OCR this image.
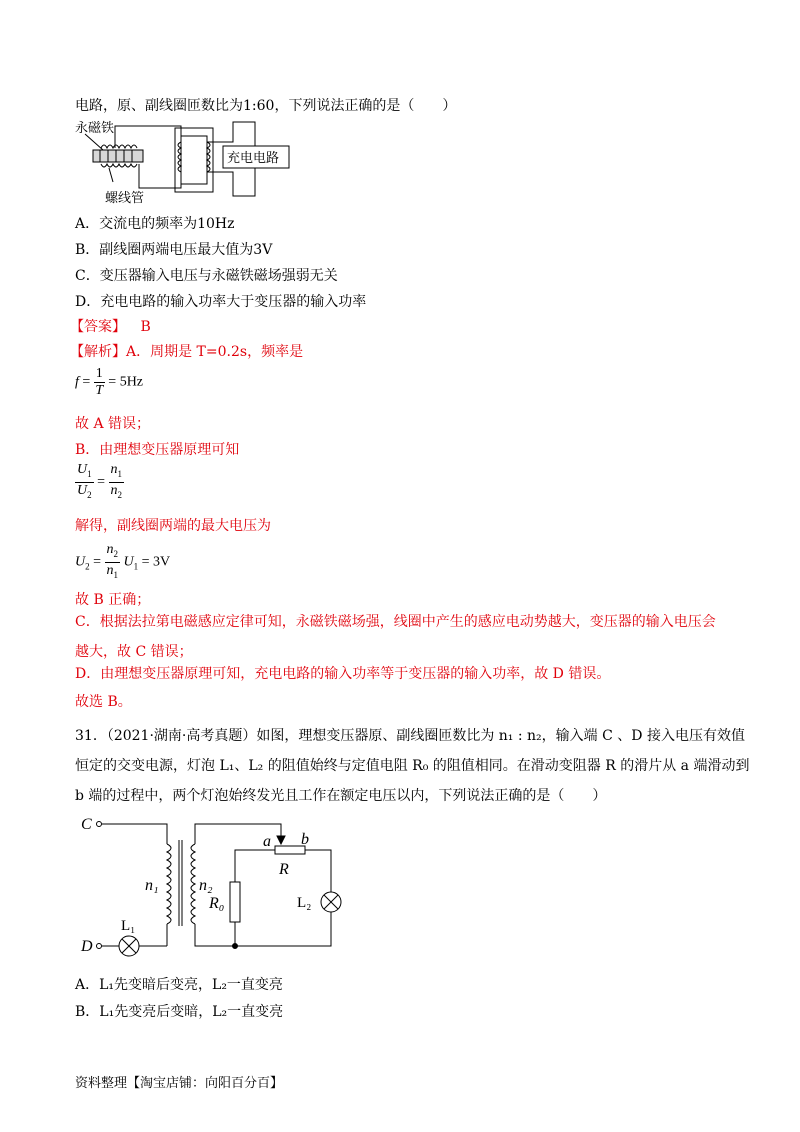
电路，原、副线圈匝数比为1:60，下列说法正确的是（　　）
永磁铁
螺线管
充电电路
A．交流电的频率为10Hz
B．副线圈两端电压最大值为3V
C．变压器输入电压与永磁铁磁场强弱无关
D．充电电路的输入功率大于变压器的输入功率
【答案】 B
【解析】A．周期是 T=0.2s，频率是
$f = \frac{1}{T} = 5Hz$
故 A 错误；
B．由理想变压器原理可知
$\frac{U_1}{U_2} = \frac{n_1}{n_2}$
解得，副线圈两端的最大电压为
$U_2 = \frac{n_2}{n_1} U_1 = 3V$
故 B 正确；
C．根据法拉第电磁感应定律可知，永磁铁磁场强，线圈中产生的感应电动势越大，变压器的输入电压会越大，故 C 错误；
D．由理想变压器原理可知，充电电路的输入功率等于变压器的输入功率，故 D 错误。
故选 B。
31．（2021·湖南·高考真题）如图，理想变压器原、副线圈匝数比为 n₁ : n₂，输入端 C 、D 接入电压有效值
恒定的交变电源，灯泡 L₁、L₂ 的阻值始终与定值电阻 R₀ 的阻值相同。在滑动变阻器 R 的滑片从 a 端滑动到
b 端的过程中，两个灯泡始终发光且工作在额定电压以内，下列说法正确的是（　　）
C
D
n₁	n₂
a b
R
R₀
L₁
L₂
A．L₁先变暗后变亮，L₂一直变亮
B．L₁先变亮后变暗，L₂一直变亮
资料整理【淘宝店铺：向阳百分百】
